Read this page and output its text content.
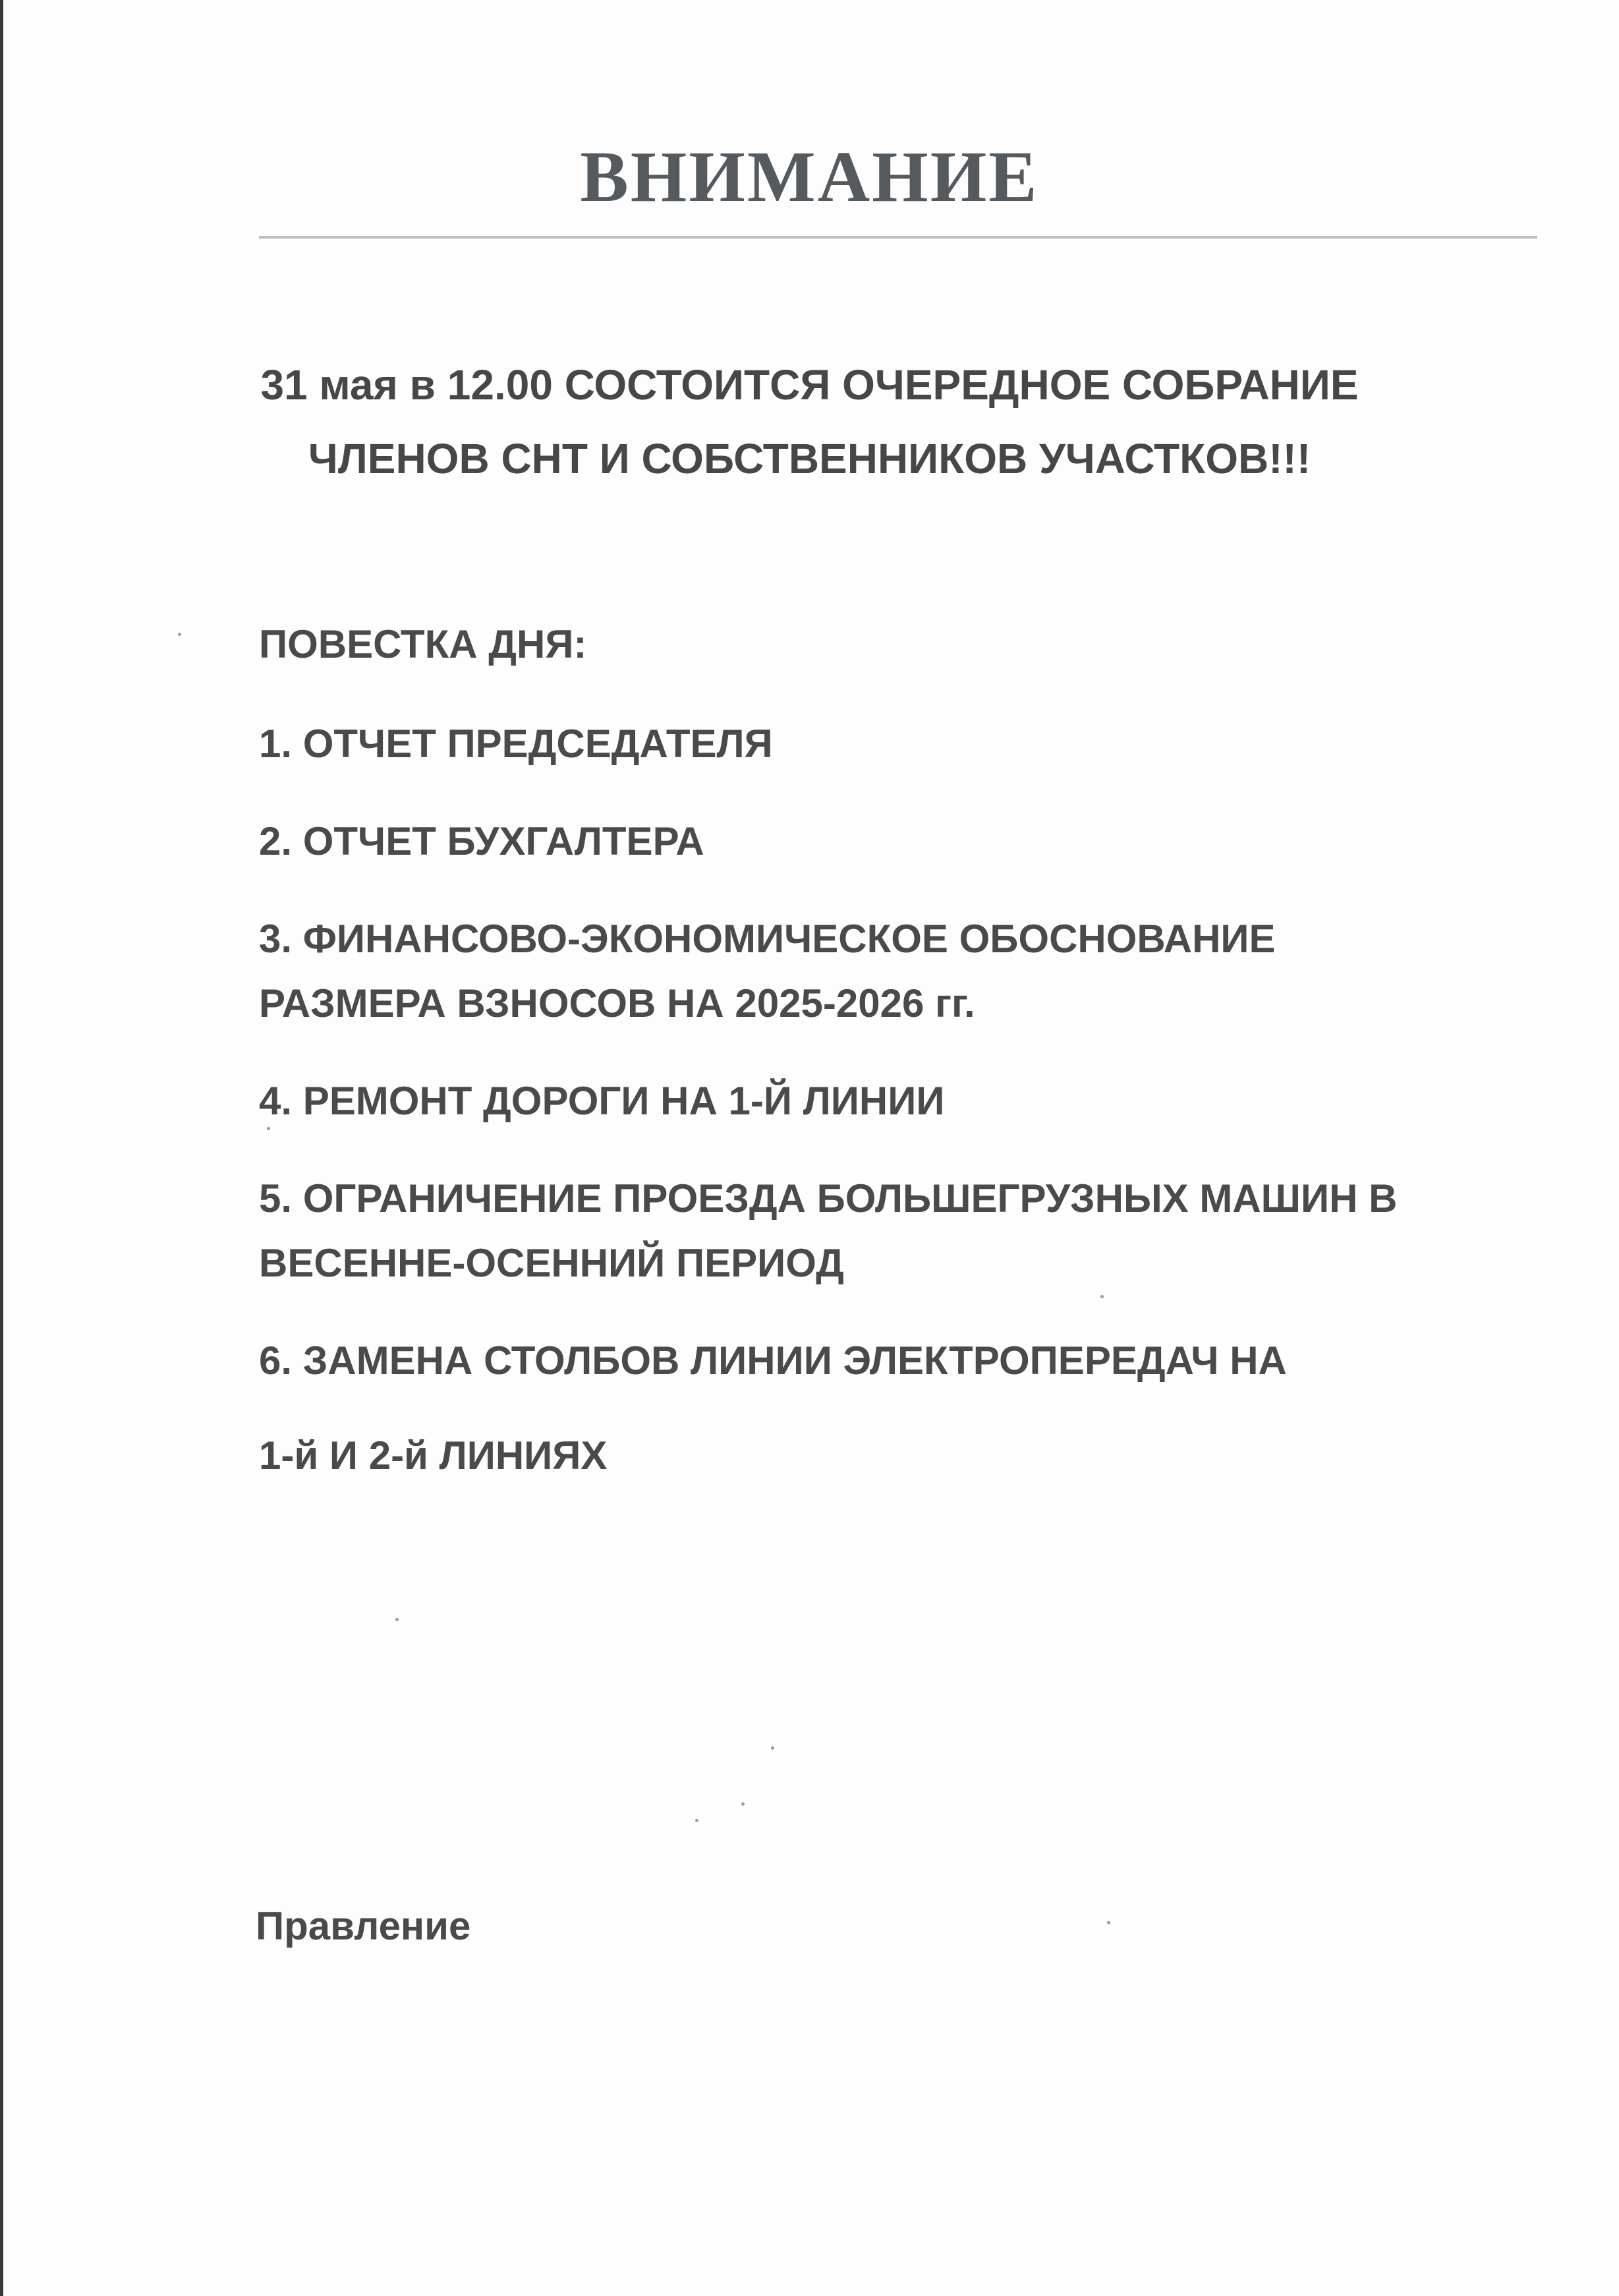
ВНИМАНИЕ
31 мая в 12.00 СОСТОИТСЯ ОЧЕРЕДНОЕ СОБРАНИЕ
ЧЛЕНОВ СНТ И СОБСТВЕННИКОВ УЧАСТКОВ!!!

ПОВЕСТКА ДНЯ:

1. ОТЧЕТ ПРЕДСЕДАТЕЛЯ
2. ОТЧЕТ БУХГАЛТЕРА
3. ФИНАНСОВО-ЭКОНОМИЧЕСКОЕ ОБОСНОВАНИЕ
РАЗМЕРА ВЗНОСОВ НА 2025-2026 гг.
4. РЕМОНТ ДОРОГИ НА 1-Й ЛИНИИ
5. ОГРАНИЧЕНИЕ ПРОЕЗДА БОЛЬШЕГРУЗНЫХ МАШИН В
ВЕСЕННЕ-ОСЕННИЙ ПЕРИОД
6. ЗАМЕНА СТОЛБОВ ЛИНИИ ЭЛЕКТРОПЕРЕДАЧ НА
1-й И 2-й ЛИНИЯХ
Правление
